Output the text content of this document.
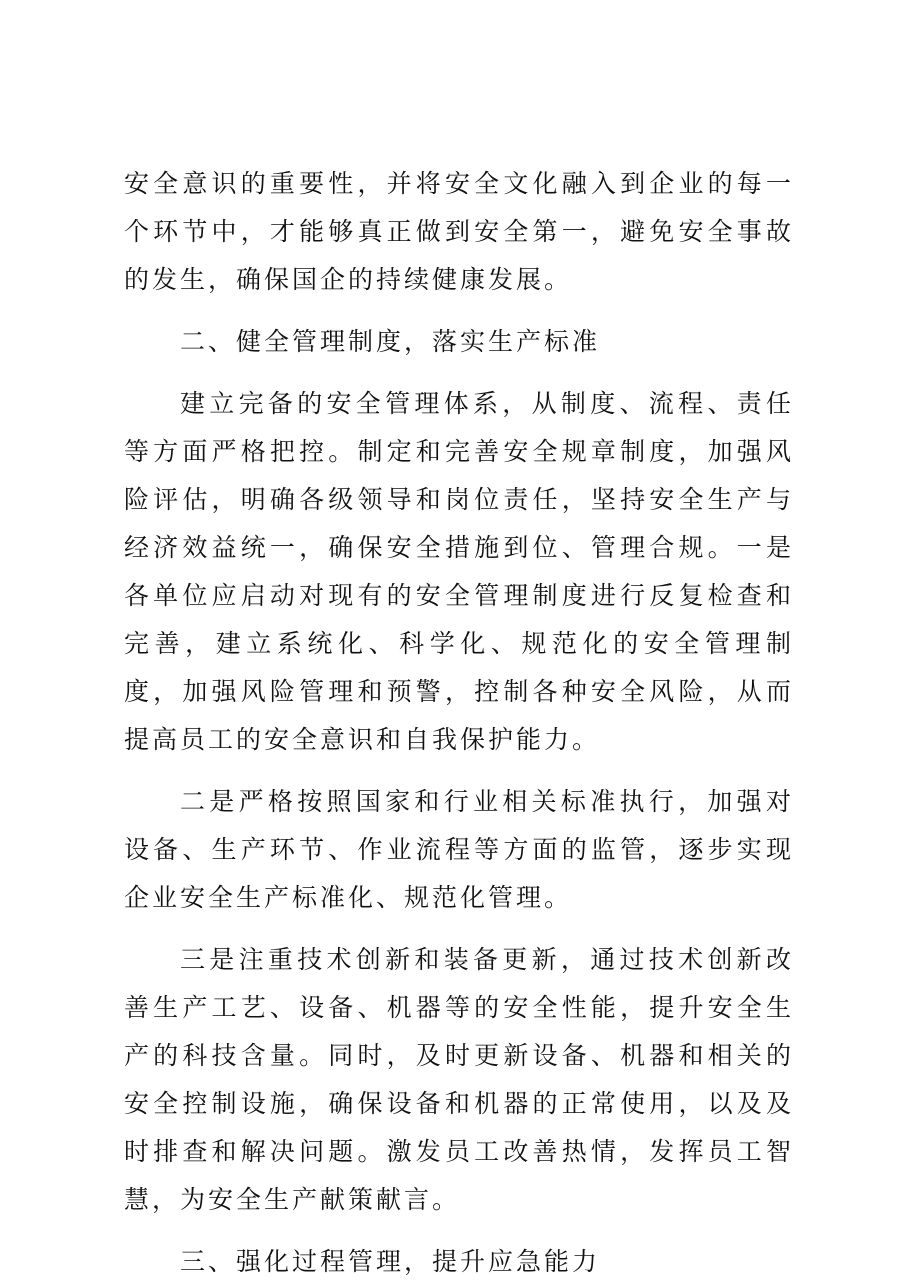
安全意识的重要性，并将安全文化融入到企业的每一个环节中，才能够真正做到安全第一，避免安全事故的发生，确保国企的持续健康发展。

二、健全管理制度，落实生产标准

建立完备的安全管理体系，从制度、流程、责任等方面严格把控。制定和完善安全规章制度，加强风险评估，明确各级领导和岗位责任，坚持安全生产与经济效益统一，确保安全措施到位、管理合规。一是各单位应启动对现有的安全管理制度进行反复检查和完善，建立系统化、科学化、规范化的安全管理制度，加强风险管理和预警，控制各种安全风险，从而提高员工的安全意识和自我保护能力。

二是严格按照国家和行业相关标准执行，加强对设备、生产环节、作业流程等方面的监管，逐步实现企业安全生产标准化、规范化管理。

三是注重技术创新和装备更新，通过技术创新改善生产工艺、设备、机器等的安全性能，提升安全生产的科技含量。同时，及时更新设备、机器和相关的安全控制设施，确保设备和机器的正常使用，以及及时排查和解决问题。激发员工改善热情，发挥员工智慧，为安全生产献策献言。

三、强化过程管理，提升应急能力
